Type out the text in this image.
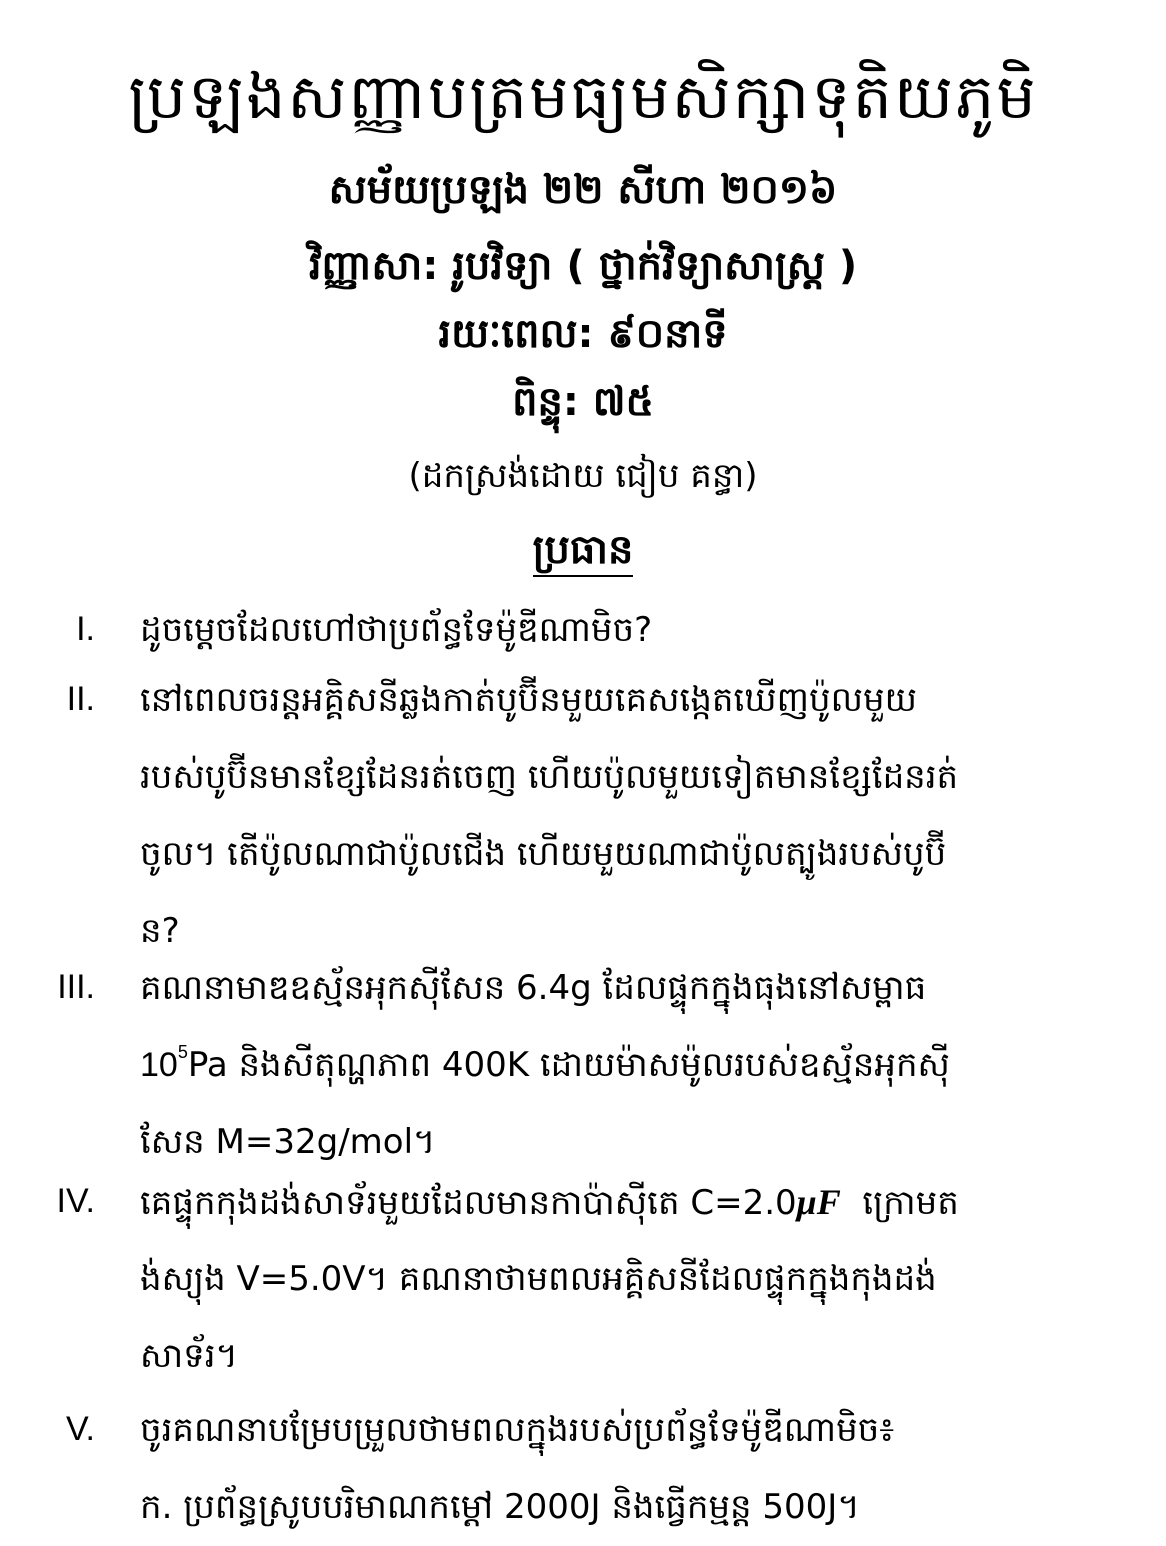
ប្រឡងសញ្ញាបត្រមធ្យមសិក្សាទុតិយភូមិ
សម័យប្រឡង ២២ សីហា ២០១៦
វិញ្ញាសា: រូបវិទ្យា ( ថ្នាក់វិទ្យាសាស្ត្រ )
រយៈពេល: ៩០នាទី
ពិន្ទុ: ៧៥
(ដកស្រង់ដោយ ជៀប គន្ធា)
ប្រធាន
I. ដូចម្តេចដែលហៅថាប្រព័ន្ធទែម៉ូឌីណាមិច?
II. នៅពេលចរន្តអគ្គិសនីឆ្លងកាត់បូប៊ីនមួយគេសង្កេតឃើញប៉ូលមួយ
របស់បូប៊ីនមានខ្សែដែនរត់ចេញ ហើយប៉ូលមួយទៀតមានខ្សែដែនរត់
ចូល។ តើប៉ូលណាជាប៉ូលជើង ហើយមួយណាជាប៉ូលត្បូងរបស់បូប៊ី
ន?
III. គណនាមាឌឧស្ម័នអុកស៊ីសែន 6.4g ដែលផ្ទុកក្នុងធុងនៅសម្ពាធ
$10^5Pa$ និងសីតុណ្ហភាព 400K ដោយម៉ាសម៉ូលរបស់ឧស្ម័នអុកស៊ី
សែន M=32g/mol។
IV. គេផ្ទុកកុងដង់សាទ័រមួយដែលមានកាប៉ាស៊ីតេ C=2.0μF  ក្រោមត
ង់ស្យុង V=5.0V។ គណនាថាមពលអគ្គិសនីដែលផ្ទុកក្នុងកុងដង់
សាទ័រ។
V. ចូរគណនាបម្រែបម្រួលថាមពលក្នុងរបស់ប្រព័ន្ធទែម៉ូឌីណាមិច៖
ក. ប្រព័ន្ធស្រូបបរិមាណកម្តៅ 2000J និងធ្វើកម្មន្ត 500J។
